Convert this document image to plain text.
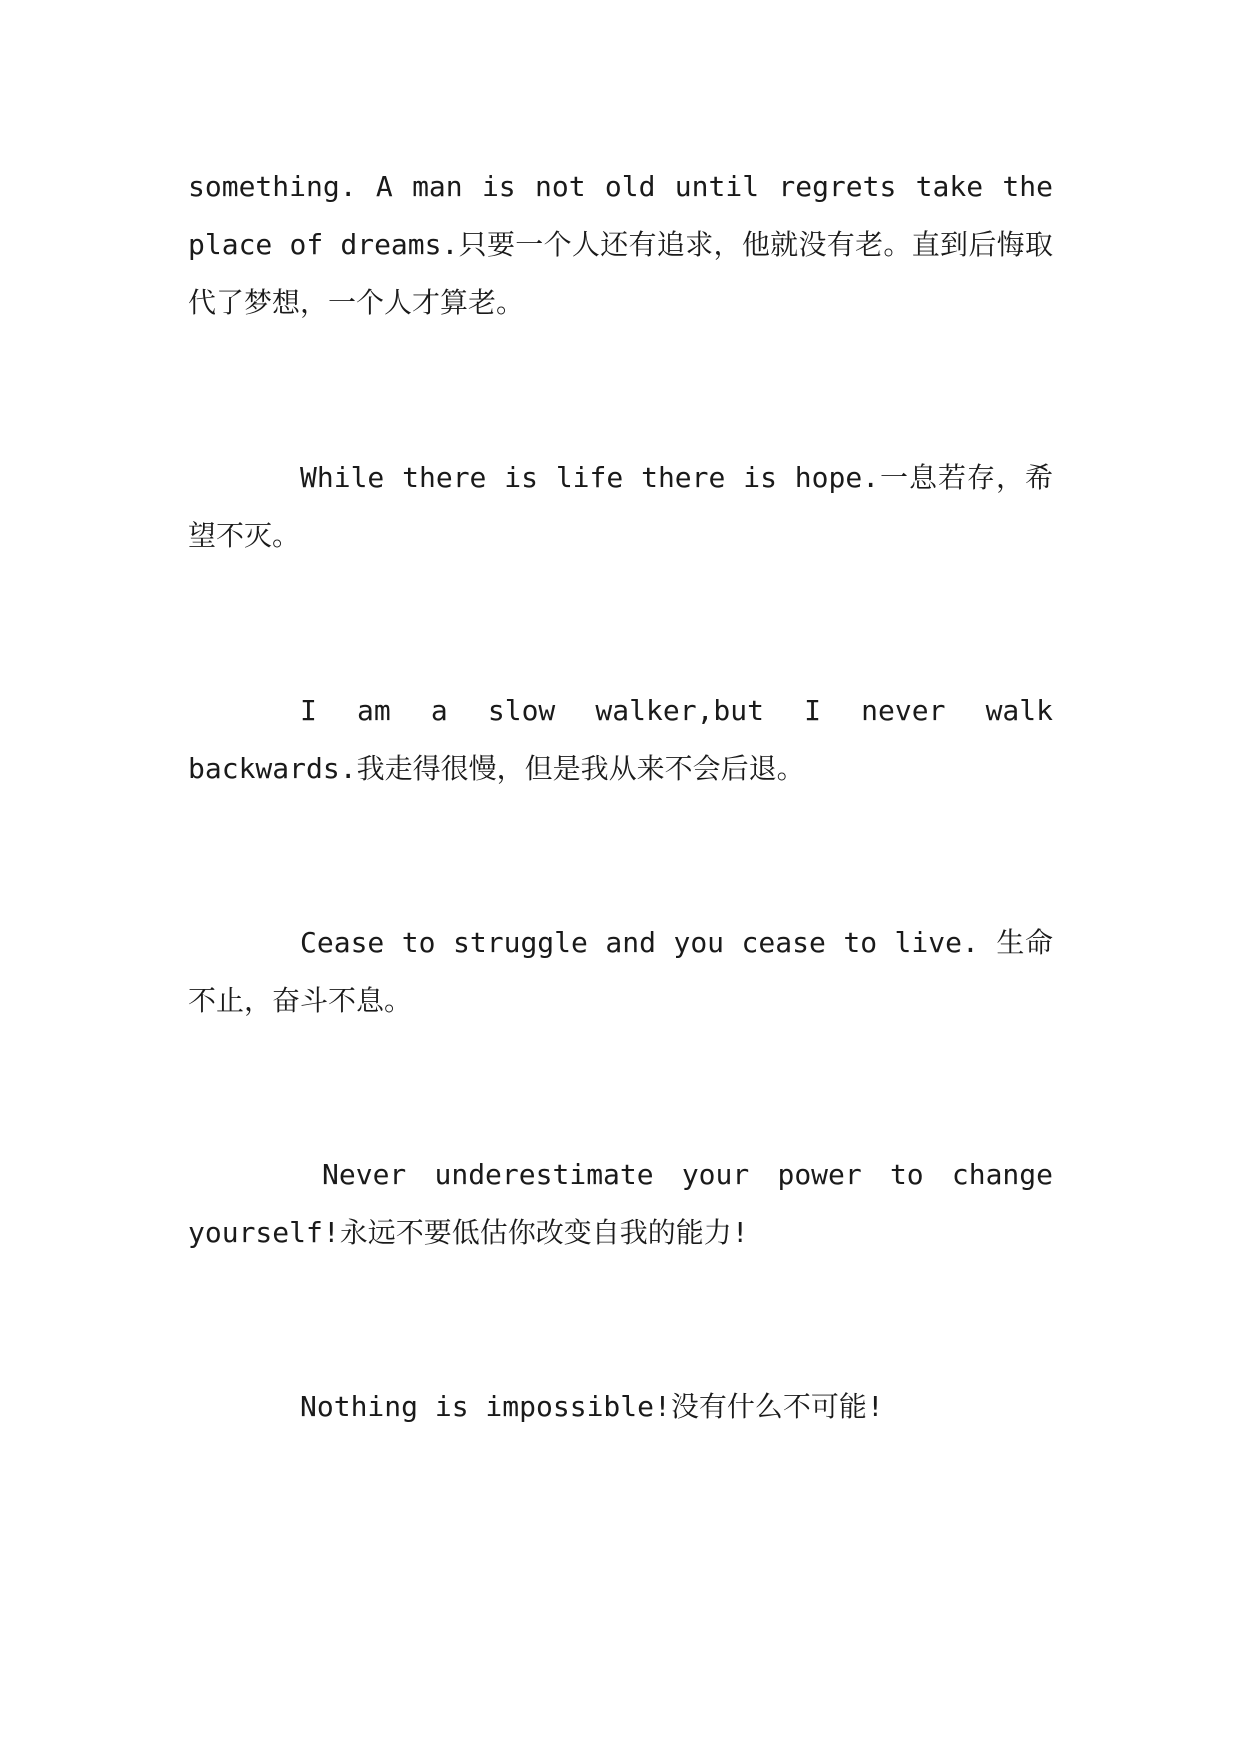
something. A man is not old until regrets take the place of dreams.只要一个人还有追求，他就没有老。直到后悔取代了梦想，一个人才算老。

While there is life there is hope.一息若存，希望不灭。

I am a slow walker,but I never walk backwards.我走得很慢，但是我从来不会后退。

Cease to struggle and you cease to live. 生命不止，奋斗不息。

Never underestimate your power to change yourself!永远不要低估你改变自我的能力!

Nothing is impossible!没有什么不可能!
